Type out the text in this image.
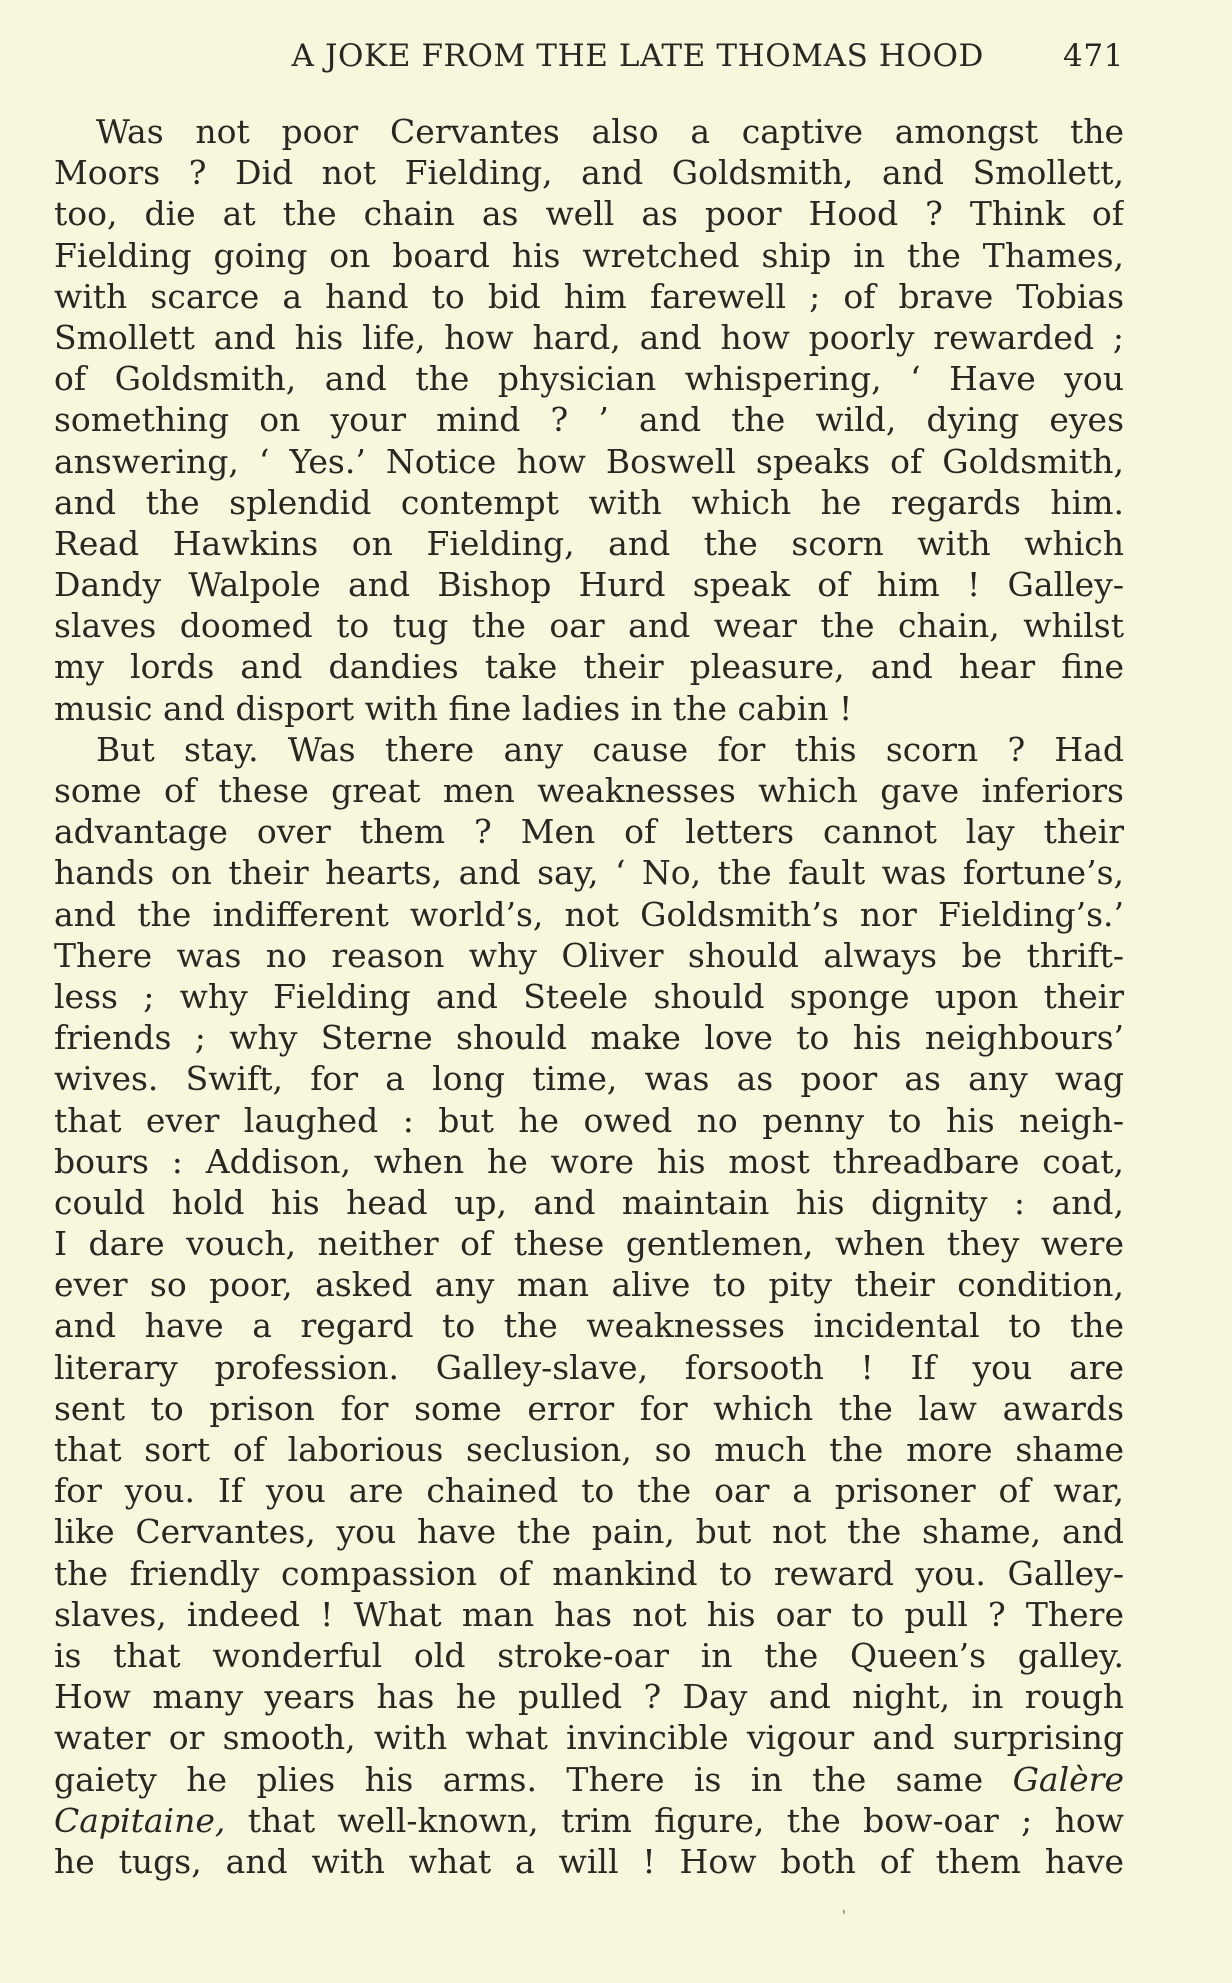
A JOKE FROM THE LATE THOMAS HOOD	471
Was not poor Cervantes also a captive amongst the
Moors ? Did not Fielding, and Goldsmith, and Smollett,
too, die at the chain as well as poor Hood ? Think of
Fielding going on board his wretched ship in the Thames,
with scarce a hand to bid him farewell ; of brave Tobias
Smollett and his life, how hard, and how poorly rewarded ;
of Goldsmith, and the physician whispering, ‘ Have you
something on your mind ? ’ and the wild, dying eyes
answering, ‘ Yes.’ Notice how Boswell speaks of Goldsmith,
and the splendid contempt with which he regards him.
Read Hawkins on Fielding, and the scorn with which
Dandy Walpole and Bishop Hurd speak of him ! Galley-
slaves doomed to tug the oar and wear the chain, whilst
my lords and dandies take their pleasure, and hear fine
music and disport with fine ladies in the cabin !
But stay. Was there any cause for this scorn ? Had
some of these great men weaknesses which gave inferiors
advantage over them ? Men of letters cannot lay their
hands on their hearts, and say, ‘ No, the fault was fortune’s,
and the indifferent world’s, not Goldsmith’s nor Fielding’s.’
There was no reason why Oliver should always be thrift-
less ; why Fielding and Steele should sponge upon their
friends ; why Sterne should make love to his neighbours’
wives. Swift, for a long time, was as poor as any wag
that ever laughed : but he owed no penny to his neigh-
bours : Addison, when he wore his most threadbare coat,
could hold his head up, and maintain his dignity : and,
I dare vouch, neither of these gentlemen, when they were
ever so poor, asked any man alive to pity their condition,
and have a regard to the weaknesses incidental to the
literary profession. Galley-slave, forsooth ! If you are
sent to prison for some error for which the law awards
that sort of laborious seclusion, so much the more shame
for you. If you are chained to the oar a prisoner of war,
like Cervantes, you have the pain, but not the shame, and
the friendly compassion of mankind to reward you. Galley-
slaves, indeed ! What man has not his oar to pull ? There
is that wonderful old stroke-oar in the Queen’s galley.
How many years has he pulled ? Day and night, in rough
water or smooth, with what invincible vigour and surprising
gaiety he plies his arms. There is in the same Galère
Capitaine, that well-known, trim figure, the bow-oar ; how
he tugs, and with what a will ! How both of them have
`
